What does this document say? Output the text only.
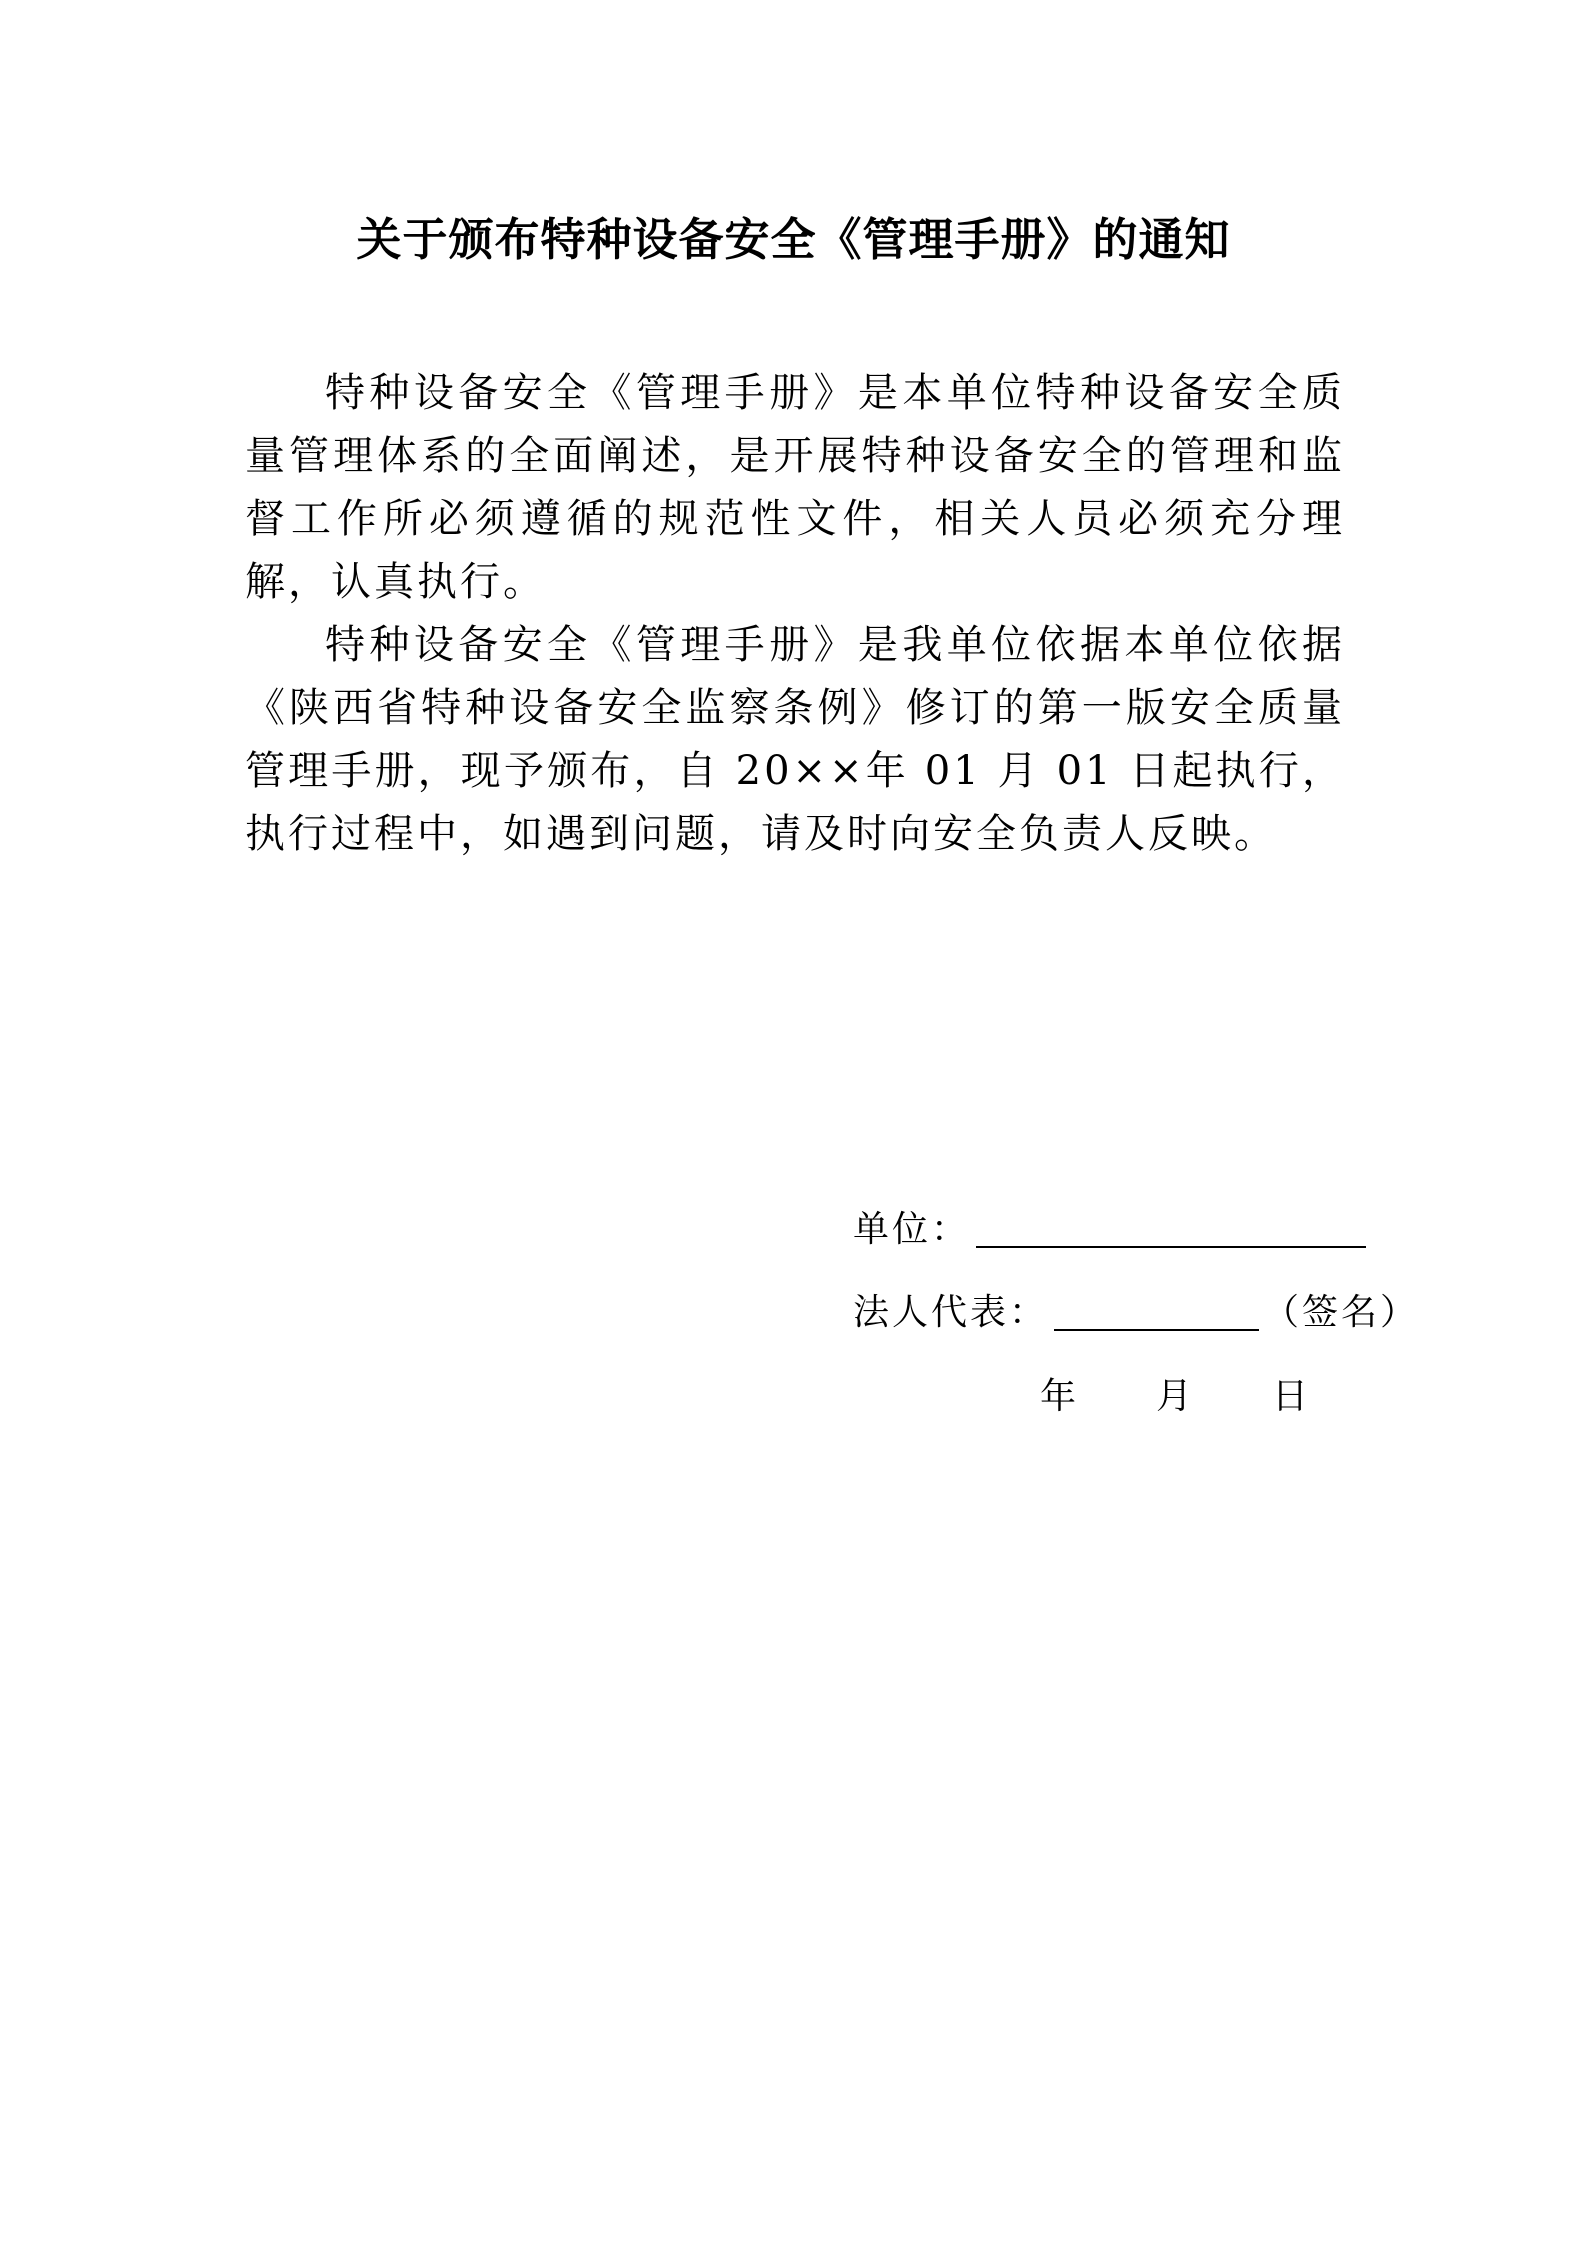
关于颁布特种设备安全《管理手册》的通知

特种设备安全《管理手册》是本单位特种设备安全质量管理体系的全面阐述，是开展特种设备安全的管理和监督工作所必须遵循的规范性文件，相关人员必须充分理解，认真执行。

特种设备安全《管理手册》是我单位依据本单位依据《陕西省特种设备安全监察条例》修订的第一版安全质量管理手册，现予颁布，自 20××年 01 月 01 日起执行，执行过程中，如遇到问题，请及时向安全负责人反映。

单位：
法人代表：	（签名）
年 月 日
